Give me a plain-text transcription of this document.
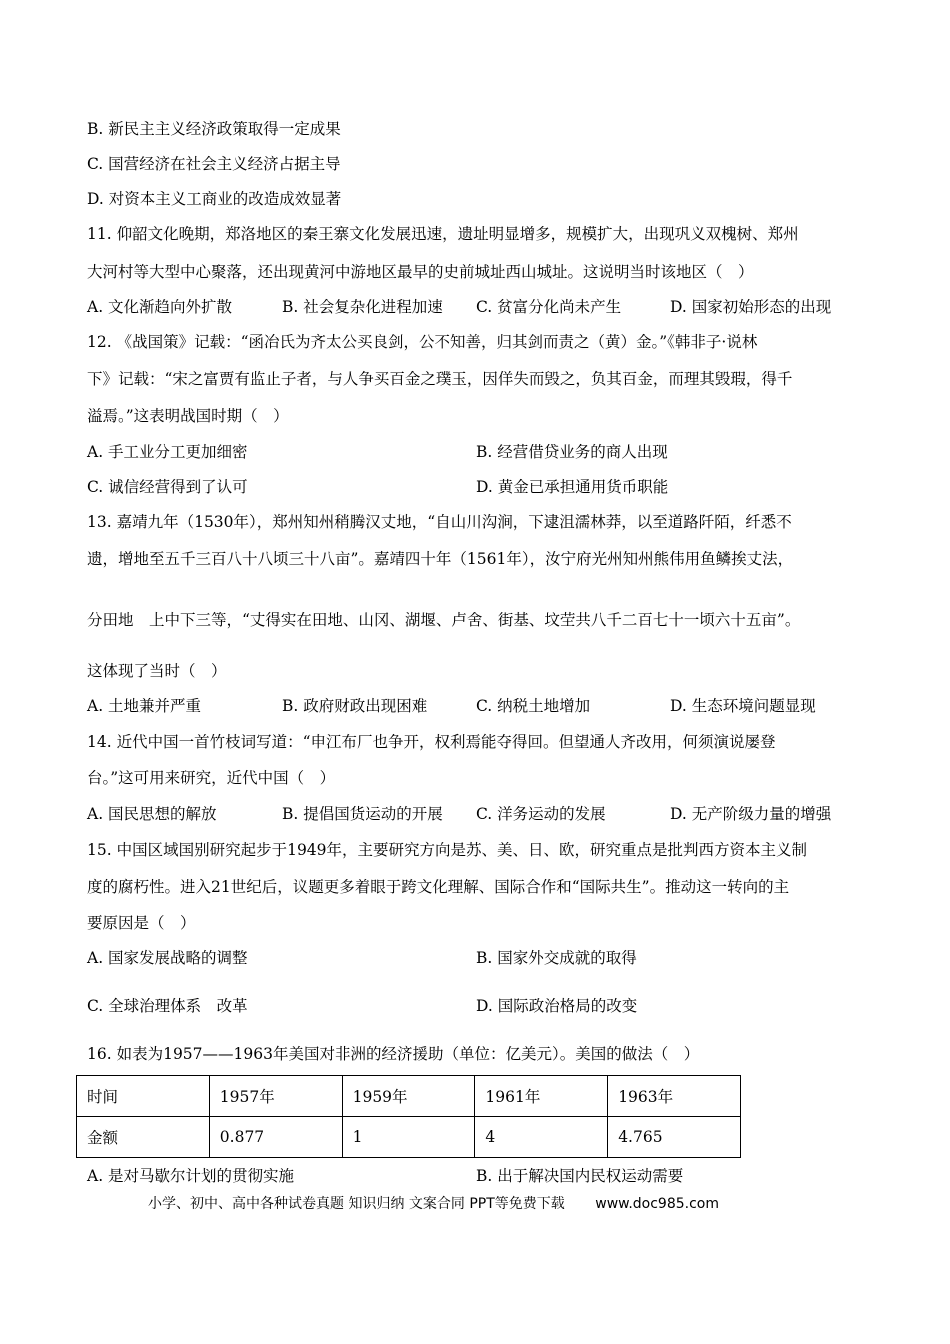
B. 新民主主义经济政策取得一定成果
C. 国营经济在社会主义经济占据主导
D. 对资本主义工商业的改造成效显著
11. 仰韶文化晚期，郑洛地区的秦王寨文化发展迅速，遗址明显增多，规模扩大，出现巩义双槐树、郑州
大河村等大型中心聚落，还出现黄河中游地区最早的史前城址西山城址。这说明当时该地区（　）
A. 文化渐趋向外扩散	B. 社会复杂化进程加速 C. 贫富分化尚未产生	D. 国家初始形态的出现
12. 《战国策》记载：“函冶氏为齐太公买良剑，公不知善，归其剑而责之（黄）金。”《韩非子·说林
下》记载：“宋之富贾有监止子者，与人争买百金之璞玉，因佯失而毁之，负其百金，而理其毁瑕，得千
溢焉。”这表明战国时期（　）
A. 手工业分工更加细密	B. 经营借贷业务的商人出现
C. 诚信经营得到了认可	D. 黄金已承担通用货币职能
13. 嘉靖九年（1530年），郑州知州稍腾汉丈地，“自山川沟涧，下逮沮濡林莽，以至道路阡陌，纤悉不
遗，增地至五千三百八十八顷三十八亩”。嘉靖四十年（1561年），汝宁府光州知州熊伟用鱼鳞挨丈法，
分田地　上中下三等，“丈得实在田地、山冈、湖堰、卢舍、街基、坟茔共八千二百七十一顷六十五亩”。
这体现了当时（　）
A. 土地兼并严重	B. 政府财政出现困难	C. 纳税土地增加	D. 生态环境问题显现
14. 近代中国一首竹枝词写道：“申江布厂也争开，权利焉能夺得回。但望通人齐改用，何须演说屡登
台。”这可用来研究，近代中国（　）
A. 国民思想的解放	B. 提倡国货运动的开展 C. 洋务运动的发展	D. 无产阶级力量的增强
15. 中国区域国别研究起步于1949年，主要研究方向是苏、美、日、欧，研究重点是批判西方资本主义制
度的腐朽性。进入21世纪后，议题更多着眼于跨文化理解、国际合作和“国际共生”。推动这一转向的主
要原因是（　）
A. 国家发展战略的调整	B. 国家外交成就的取得
C. 全球治理体系　改革	D. 国际政治格局的改变
16. 如表为1957——1963年美国对非洲的经济援助（单位：亿美元）。美国的做法（　）
时间	1957年	1959年	1961年	1963年
金额	0.877	1	4	4.765
A. 是对马歇尔计划的贯彻实施	B. 出于解决国内民权运动需要
小学、初中、高中各种试卷真题 知识归纳 文案合同 PPT等免费下载 www.doc985.com
